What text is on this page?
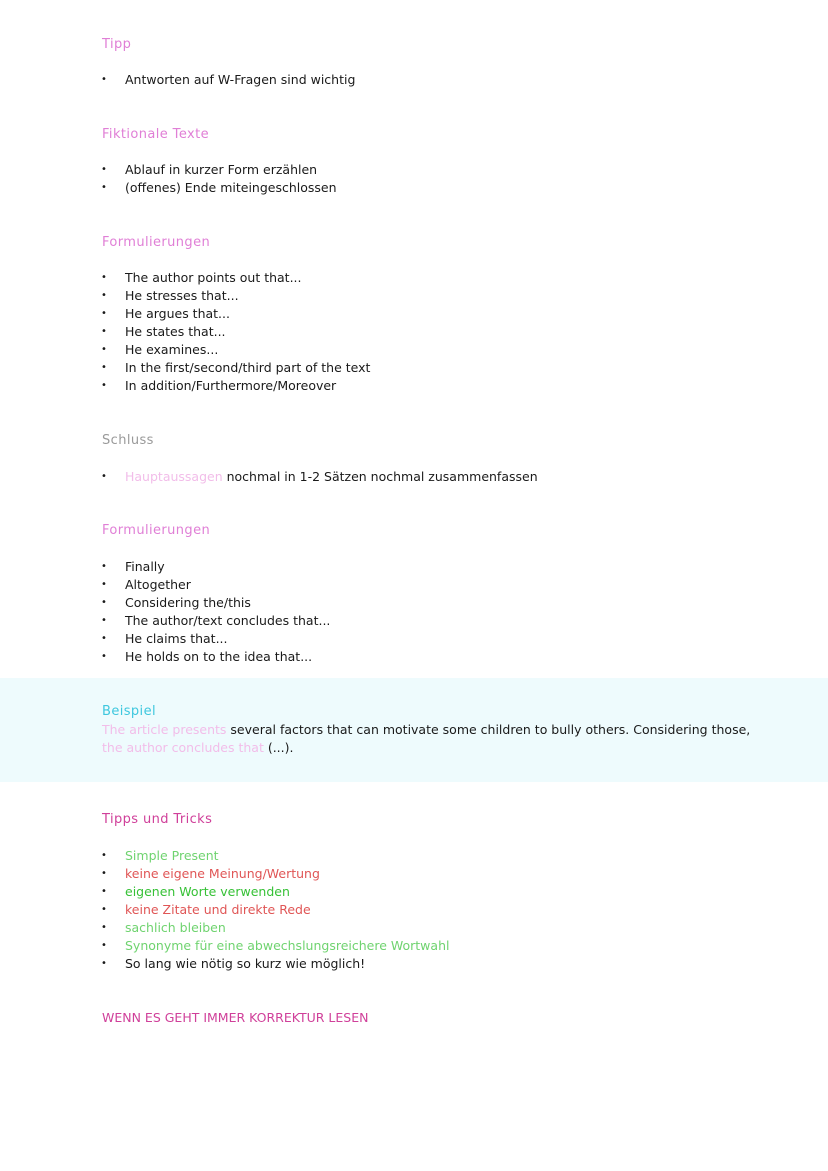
Tipp
• Antworten auf W-Fragen sind wichtig
Fiktionale Texte
• Ablauf in kurzer Form erzählen
• (offenes) Ende miteingeschlossen
Formulierungen
• The author points out that...
• He stresses that...
• He argues that...
• He states that...
• He examines...
• In the first/second/third part of the text
• In addition/Furthermore/Moreover
Schluss
• Hauptaussagen nochmal in 1-2 Sätzen nochmal zusammenfassen
Formulierungen
• Finally
• Altogether
• Considering the/this
• The author/text concludes that...
• He claims that...
• He holds on to the idea that...
Beispiel
The article presents several factors that can motivate some children to bully others. Considering those,
the author concludes that (...).
Tipps und Tricks
• Simple Present
• keine eigene Meinung/Wertung
• eigenen Worte verwenden
• keine Zitate und direkte Rede
• sachlich bleiben
• Synonyme für eine abwechslungsreichere Wortwahl
• So lang wie nötig so kurz wie möglich!
WENN ES GEHT IMMER KORREKTUR LESEN
